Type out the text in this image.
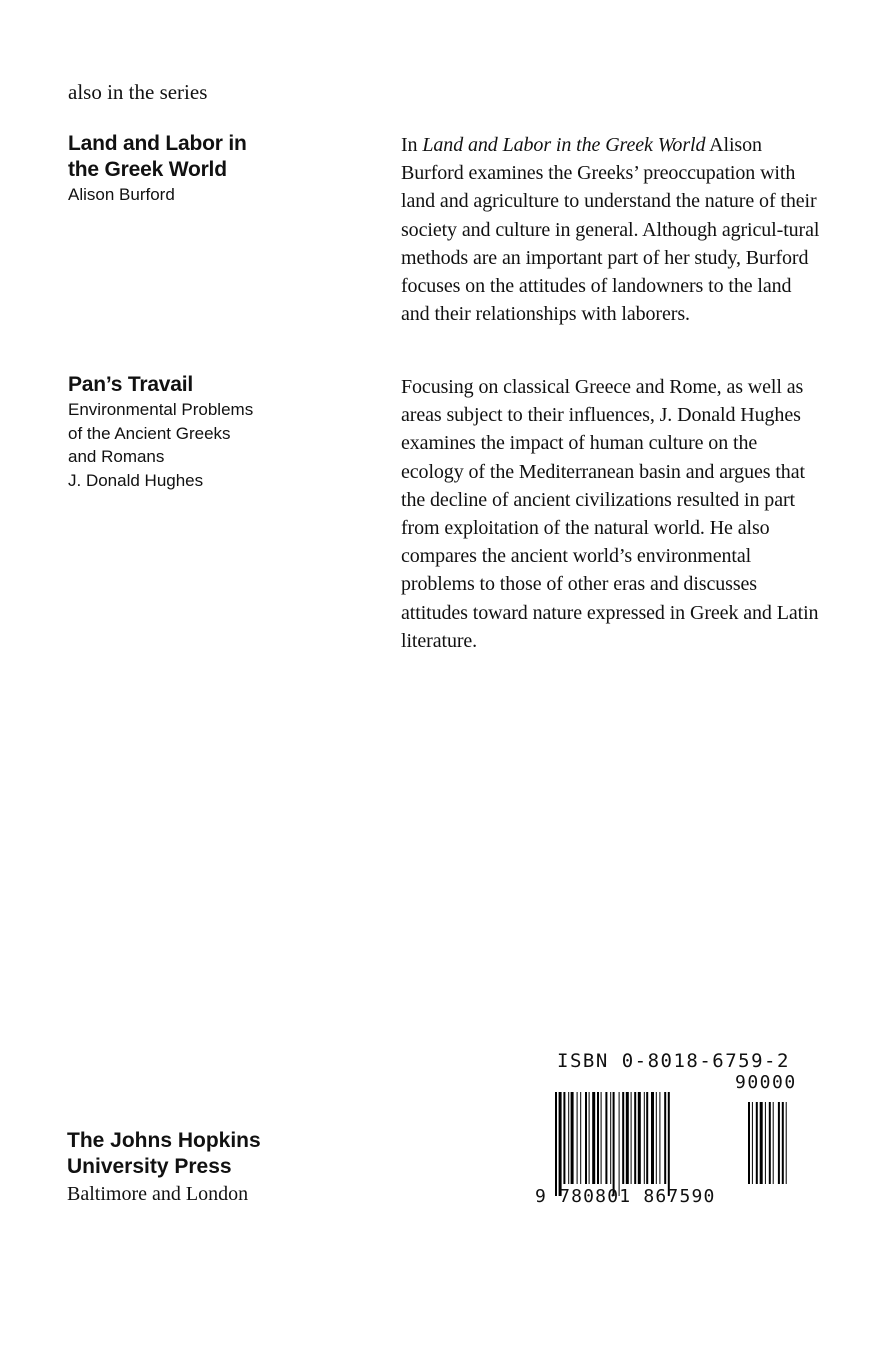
also in the series
Land and Labor in
the Greek World
Alison Burford
In Land and Labor in the Greek World Alison Burford examines the Greeks’ preoccupation with land and agriculture to understand the nature of their society and culture in general. Although agricul-tural methods are an important part of her study, Burford focuses on the attitudes of landowners to the land and their relationships with laborers.
Pan’s Travail
Environmental Problems
of the Ancient Greeks
and Romans
J. Donald Hughes
Focusing on classical Greece and Rome, as well as areas subject to their influences, J. Donald Hughes examines the impact of human culture on the ecology of the Mediterranean basin and argues that the decline of ancient civilizations resulted in part from exploitation of the natural world. He also compares the ancient world’s environmental problems to those of other eras and discusses attitudes toward nature expressed in Greek and Latin literature.
The Johns Hopkins
University Press
Baltimore and London
ISBN 0-8018-6759-2
90000
9 780801 867590
